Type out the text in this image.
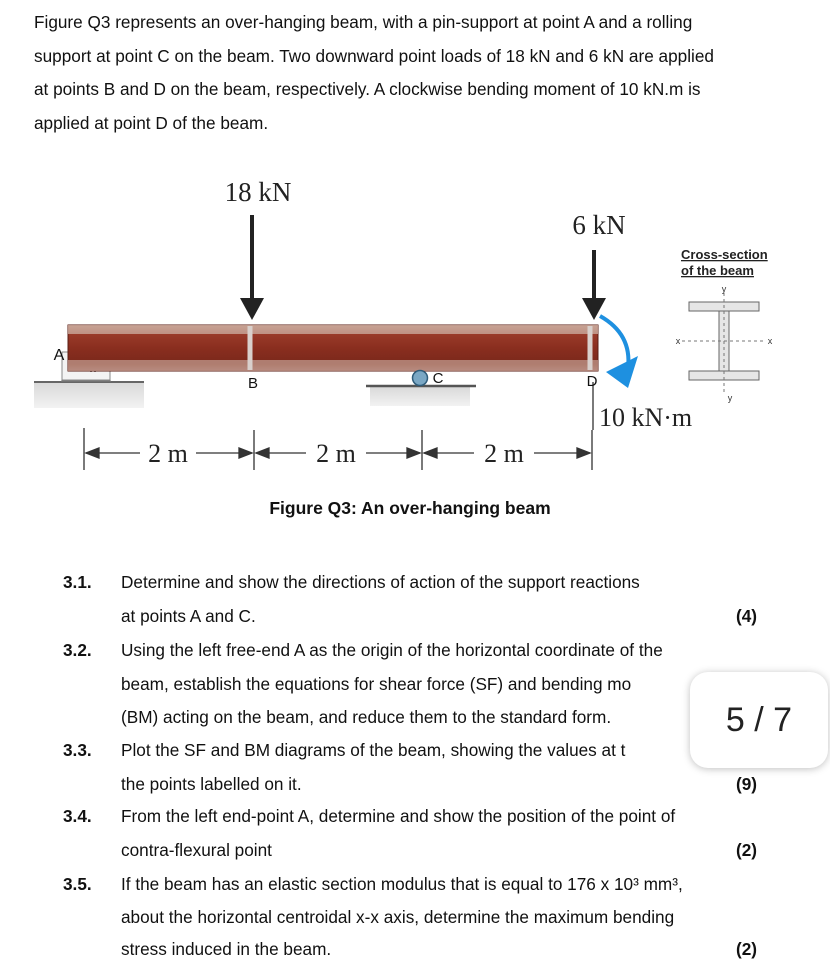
Figure Q3 represents an over-hanging beam, with a pin-support at point A and a rolling
support at point C on the beam. Two downward point loads of 18 kN and 6 kN are applied
at points B and D on the beam, respectively. A clockwise bending moment of 10 kN.m is
applied at point D of the beam.
18 kN
6 kN
10 kN·m
A
B	C	D
2 m	2 m	2 m
Cross-section
of the beam
y
y
x	x
Figure Q3: An over-hanging beam
3.1. Determine and show the directions of action of the support reactions
at points A and C.	(4)
3.2. Using the left free-end A as the origin of the horizontal coordinate of the
beam, establish the equations for shear force (SF) and bending mo
(BM) acting on the beam, and reduce them to the standard form.
3.3. Plot the SF and BM diagrams of the beam, showing the values at t
the points labelled on it.	(9)
3.4. From the left end-point A, determine and show the position of the point of
contra-flexural point	(2)
3.5. If the beam has an elastic section modulus that is equal to 176 x 10³ mm³,
about the horizontal centroidal x-x axis, determine the maximum bending
stress induced in the beam.	(2)
5 / 7
